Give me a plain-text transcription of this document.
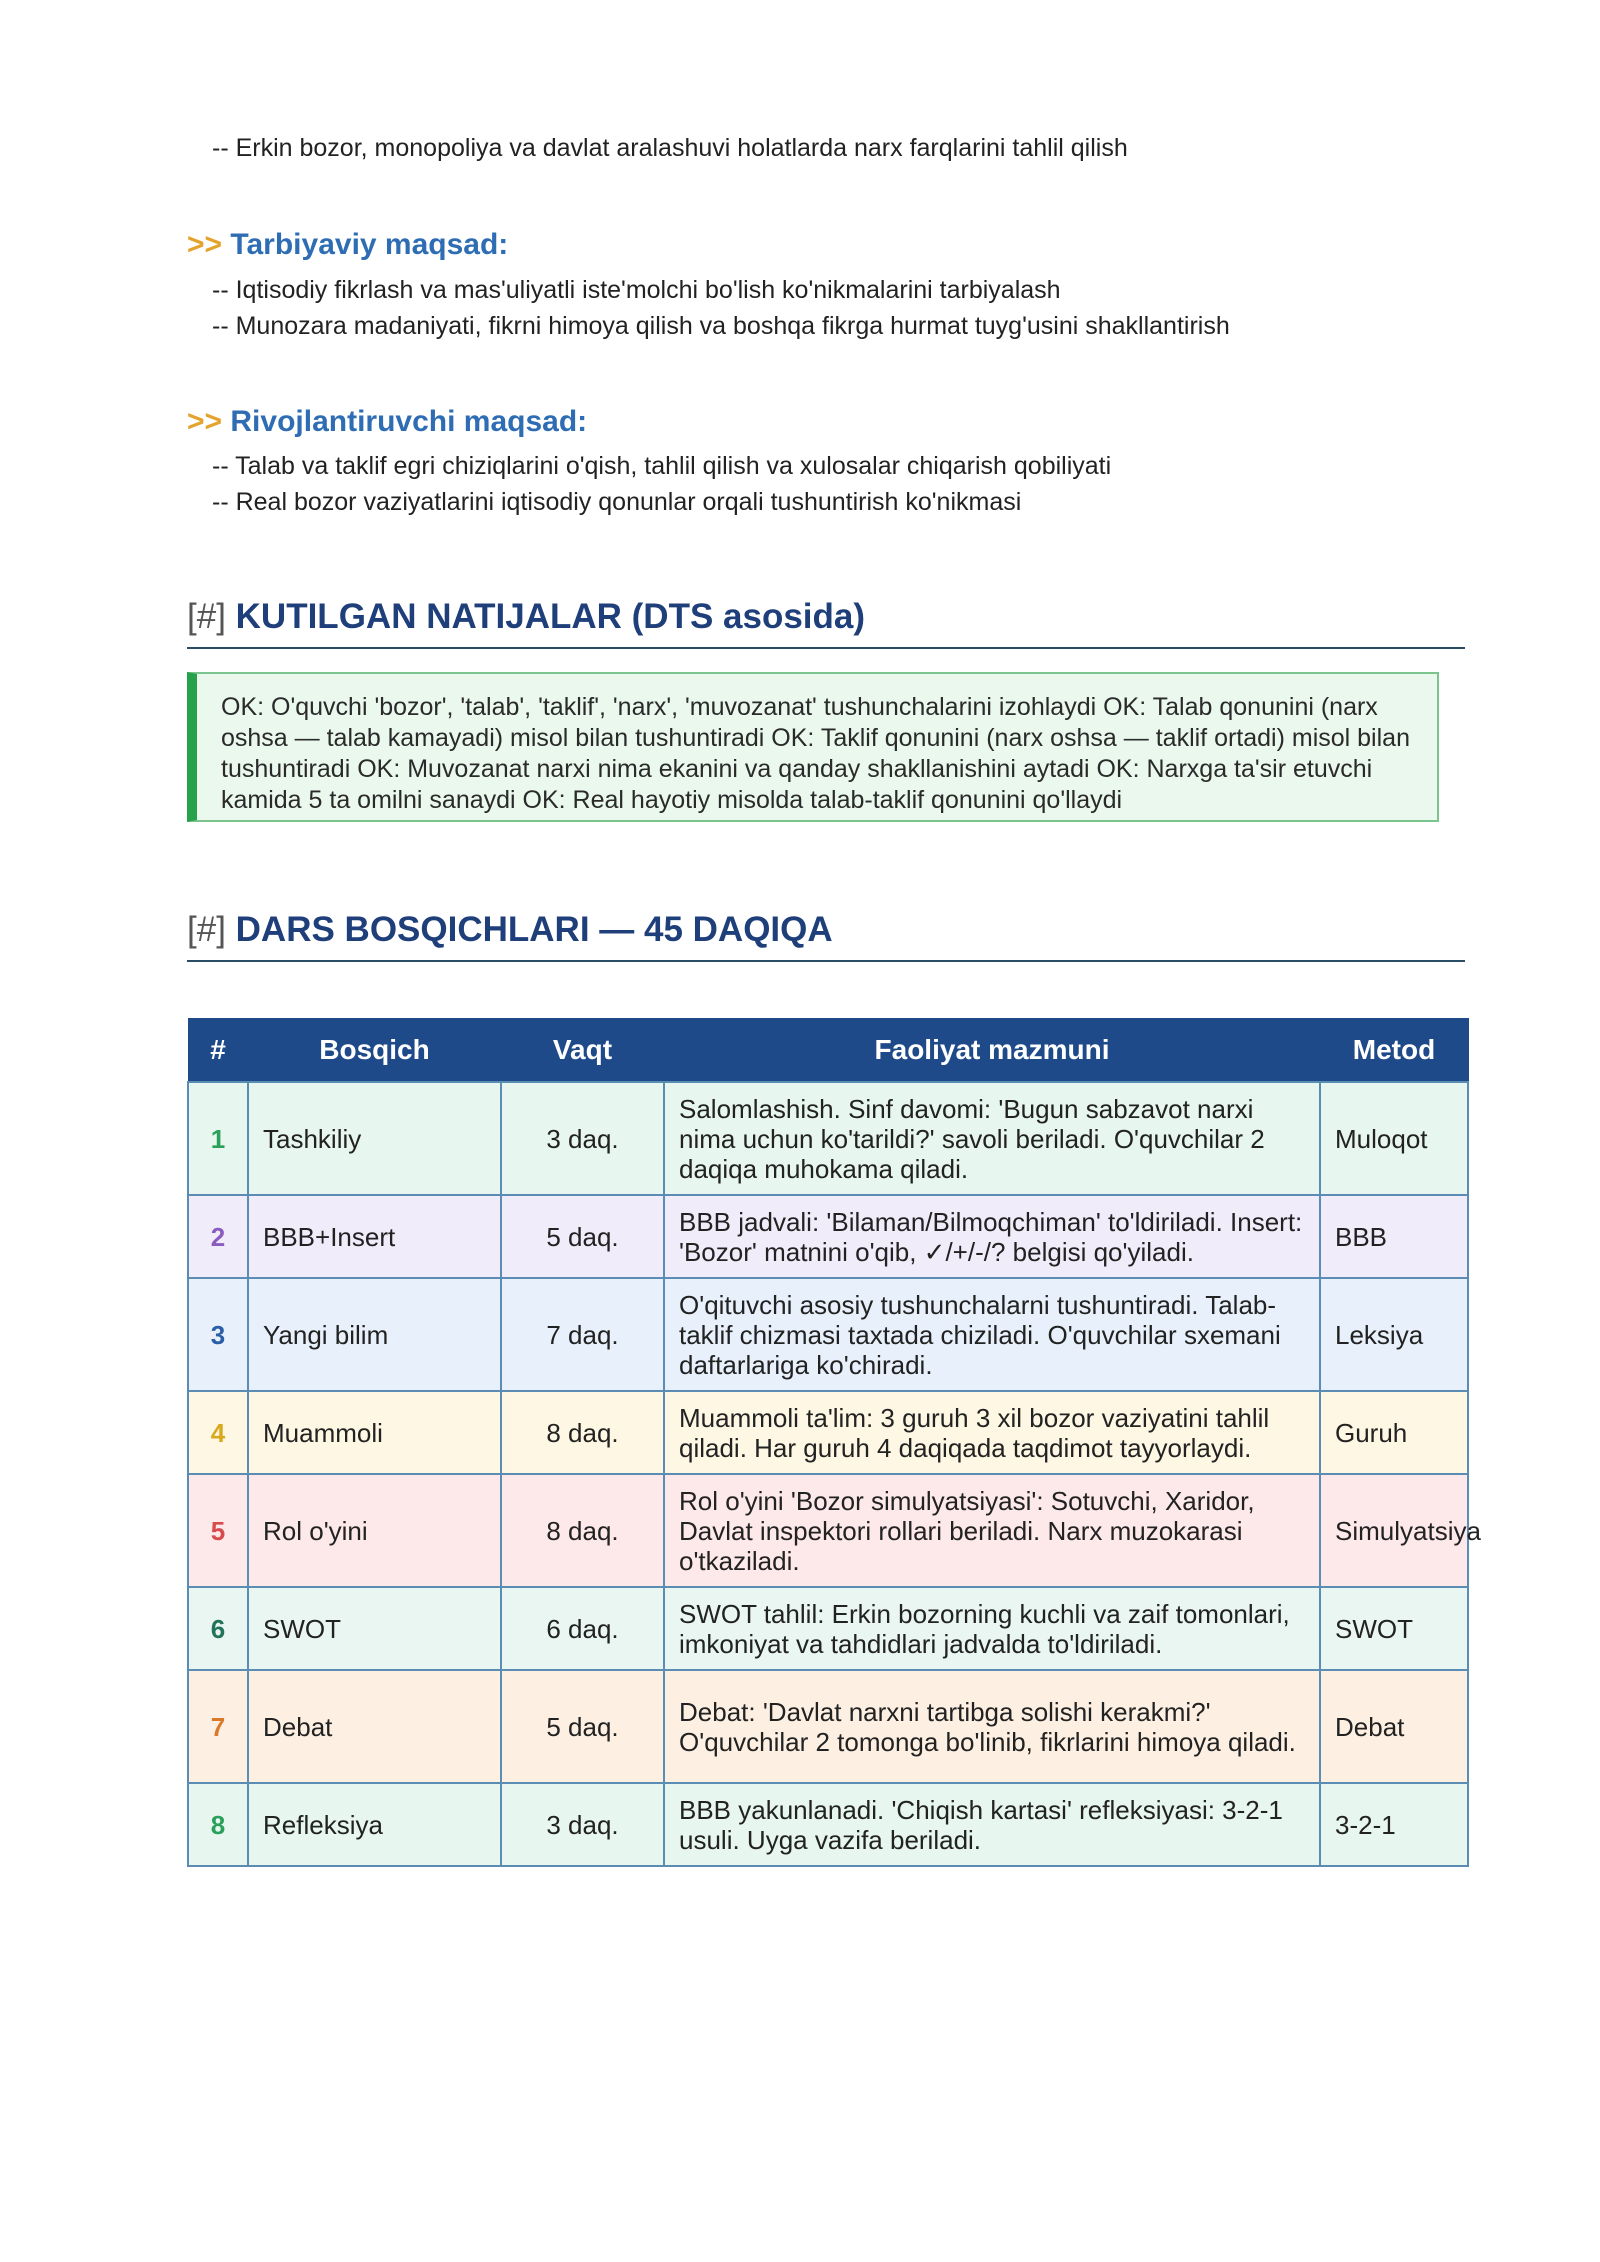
-- Erkin bozor, monopoliya va davlat aralashuvi holatlarda narx farqlarini tahlil qilish
>> Tarbiyaviy maqsad:
-- Iqtisodiy fikrlash va mas'uliyatli iste'molchi bo'lish ko'nikmalarini tarbiyalash
-- Munozara madaniyati, fikrni himoya qilish va boshqa fikrga hurmat tuyg'usini shakllantirish
>> Rivojlantiruvchi maqsad:
-- Talab va taklif egri chiziqlarini o'qish, tahlil qilish va xulosalar chiqarish qobiliyati
-- Real bozor vaziyatlarini iqtisodiy qonunlar orqali tushuntirish ko'nikmasi
[#] KUTILGAN NATIJALAR (DTS asosida)
OK: O'quvchi 'bozor', 'talab', 'taklif', 'narx', 'muvozanat' tushunchalarini izohlaydi OK: Talab qonunini (narx oshsa — talab kamayadi) misol bilan tushuntiradi OK: Taklif qonunini (narx oshsa — taklif ortadi) misol bilan tushuntiradi OK: Muvozanat narxi nima ekanini va qanday shakllanishini aytadi OK: Narxga ta'sir etuvchi kamida 5 ta omilni sanaydi OK: Real hayotiy misolda talab-taklif qonunini qo'llaydi
[#] DARS BOSQICHLARI — 45 DAQIQA
#	Bosqich	Vaqt	Faoliyat mazmuni	Metod
1	Tashkiliy	3 daq.	Salomlashish. Sinf davomi: 'Bugun sabzavot narxi nima uchun ko'tarildi?' savoli beriladi. O'quvchilar 2 daqiqa muhokama qiladi.	Muloqot
2	BBB+Insert	5 daq.	BBB jadvali: 'Bilaman/Bilmoqchiman' to'ldiriladi. Insert: 'Bozor' matnini o'qib, ✓/+/-/? belgisi qo'yiladi.	BBB
3	Yangi bilim	7 daq.	O'qituvchi asosiy tushunchalarni tushuntiradi. Talab-taklif chizmasi taxtada chiziladi. O'quvchilar sxemani daftarlariga ko'chiradi.	Leksiya
4	Muammoli	8 daq.	Muammoli ta'lim: 3 guruh 3 xil bozor vaziyatini tahlil qiladi. Har guruh 4 daqiqada taqdimot tayyorlaydi.	Guruh
5	Rol o'yini	8 daq.	Rol o'yini 'Bozor simulyatsiyasi': Sotuvchi, Xaridor, Davlat inspektori rollari beriladi. Narx muzokarasi o'tkaziladi.	Simulyatsiya
6	SWOT	6 daq.	SWOT tahlil: Erkin bozorning kuchli va zaif tomonlari, imkoniyat va tahdidlari jadvalda to'ldiriladi.	SWOT
7	Debat	5 daq.	Debat: 'Davlat narxni tartibga solishi kerakmi?' O'quvchilar 2 tomonga bo'linib, fikrlarini himoya qiladi.	Debat
8	Refleksiya	3 daq.	BBB yakunlanadi. 'Chiqish kartasi' refleksiyasi: 3-2-1 usuli. Uyga vazifa beriladi.	3-2-1
